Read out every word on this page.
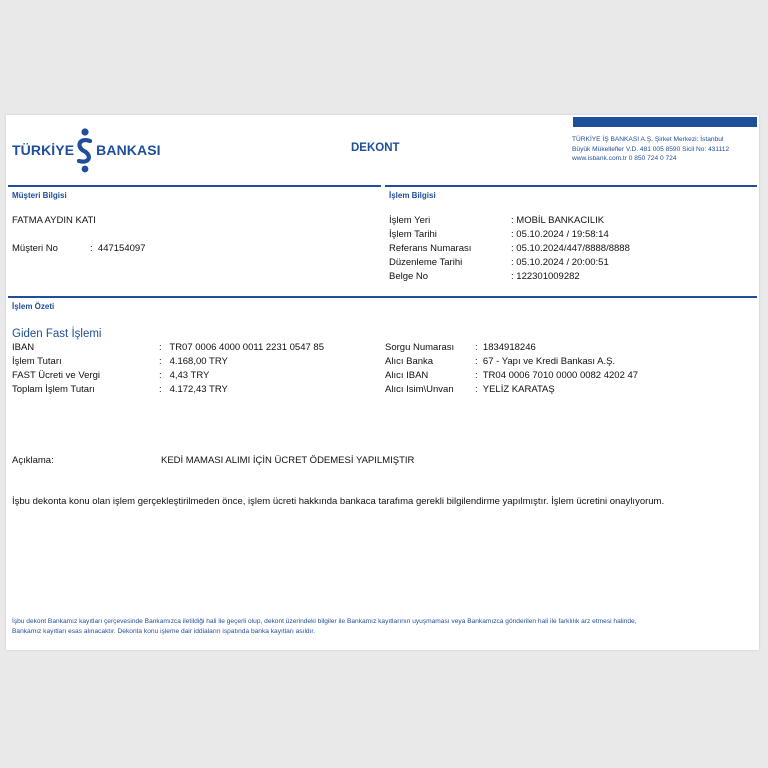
TÜRKİYE BANKASI	DEKONT
TÜRKİYE İŞ BANKASI A.Ş. Şirket Merkezi: İstanbul
Büyük Mükellefler V.D. 481 005 8590 Sicil No: 431112
www.isbank.com.tr 0 850 724 0 724
Müşteri Bilgisi
FATMA AYDIN KATI
Müşteri No	:  447154097
İşlem Bilgisi
İşlem Yeri	: MOBİL BANKACILIK
İşlem Tarihi	: 05.10.2024 / 19:58:14
Referans Numarası	: 05.10.2024/447/8888/8888
Düzenleme Tarihi	: 05.10.2024 / 20:00:51
Belge No	: 122301009282
İşlem Özeti
Giden Fast İşlemi
IBAN	:   TR07 0006 4000 0011 2231 0547 85
İşlem Tutarı	:   4.168,00 TRY
FAST Ücreti ve Vergi	:   4,43 TRY
Toplam İşlem Tutarı	:   4.172,43 TRY
Sorgu Numarası :  1834918246
Alıcı Banka	:  67 - Yapı ve Kredi Bankası A.Ş.
Alıcı IBAN	:  TR04 0006 7010 0000 0082 4202 47
Alıcı Isim\Unvan :  YELİZ KARATAŞ
Açıklama:	KEDİ MAMASI ALIMI İÇİN ÜCRET ÖDEMESİ YAPILMIŞTIR
İşbu dekonta konu olan işlem gerçekleştirilmeden önce, işlem ücreti hakkında bankaca tarafıma gerekli bilgilendirme yapılmıştır. İşlem ücretini onaylıyorum.
İşbu dekont Bankamız kayıtları çerçevesinde Bankamızca iletildiği hali ile geçerli olup, dekont üzerindeki bilgiler ile Bankamız kayıtlarının uyuşmaması veya Bankamızca gönderilen hali ile farklılık arz etmesi halinde,
Bankamız kayıtları esas alınacaktır. Dekonta konu işleme dair iddiaların ispatında banka kayıtları asıldır.
